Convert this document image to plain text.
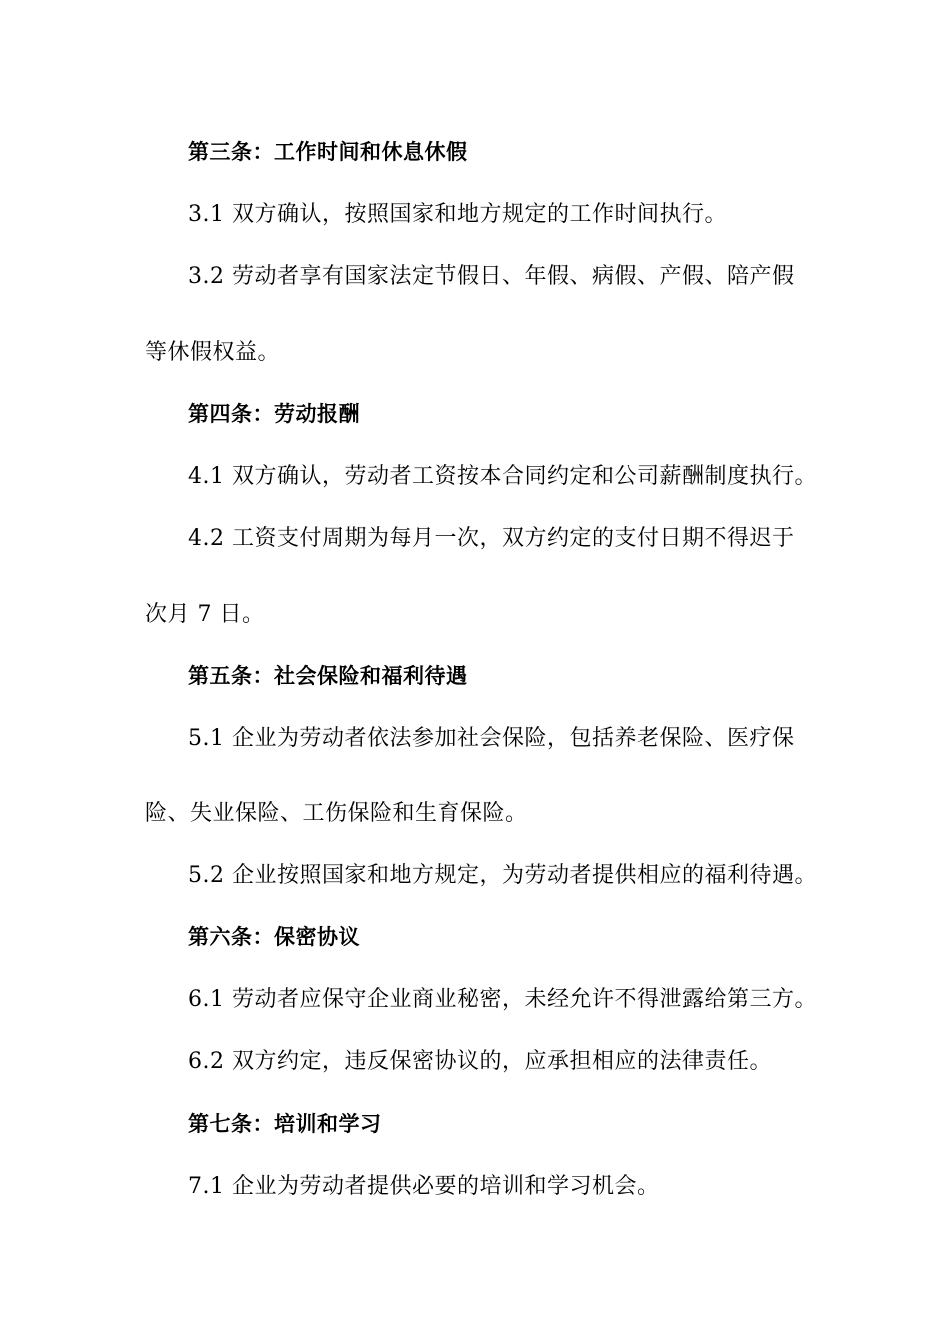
第三条：工作时间和休息休假
3.1 双方确认，按照国家和地方规定的工作时间执行。
3.2 劳动者享有国家法定节假日、年假、病假、产假、陪产假
等休假权益。
第四条：劳动报酬
4.1 双方确认，劳动者工资按本合同约定和公司薪酬制度执行。
4.2 工资支付周期为每月一次，双方约定的支付日期不得迟于
次月 7 日。
第五条：社会保险和福利待遇
5.1 企业为劳动者依法参加社会保险，包括养老保险、医疗保
险、失业保险、工伤保险和生育保险。
5.2 企业按照国家和地方规定，为劳动者提供相应的福利待遇。
第六条：保密协议
6.1 劳动者应保守企业商业秘密，未经允许不得泄露给第三方。
6.2 双方约定，违反保密协议的，应承担相应的法律责任。
第七条：培训和学习
7.1 企业为劳动者提供必要的培训和学习机会。
